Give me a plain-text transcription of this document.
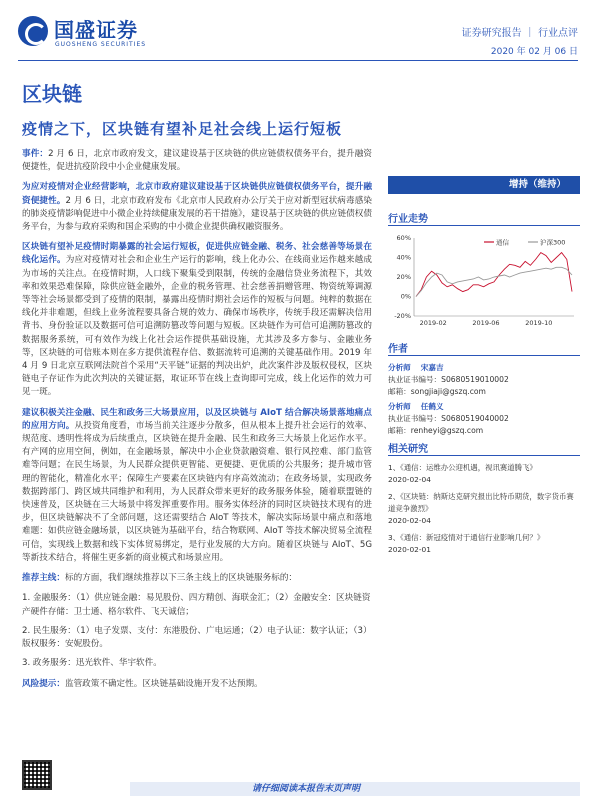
国盛证券
GUOSHENG SECURITIES
证券研究报告 ｜ 行业点评
2020 年 02 月 06 日
区块链
疫情之下，区块链有望补足社会线上运行短板

事件：2 月 6 日，北京市政府发文，建议建设基于区块链的供应链债权债务平台，提升融资便捷性，促进抗疫阶段中小企业健康发展。

为应对疫情对企业经营影响，北京市政府建议建设基于区块链供应链债权债务平台，提升融资便捷性。2 月 6 日，北京市政府发布《北京市人民政府办公厅关于应对新型冠状病毒感染的肺炎疫情影响促进中小微企业持续健康发展的若干措施》，建设基于区块链的供应链债权债务平台，为参与政府采购和国企采购的中小微企业提供确权融资服务。

区块链有望补足疫情时期暴露的社会运行短板，促进供应链金融、税务、社会慈善等场景在线化运作。为应对疫情对社会和企业生产运行的影响，线上化办公、在线商业运作越来越成为市场的关注点。在疫情时期，人口线下聚集受到限制，传统的金融信贷业务流程下，其效率和效果恐难保障，除供应链金融外，企业的税务管理、社会慈善捐赠管理、物资统筹调源等等社会场景都受到了疫情的限制，暴露出疫情时期社会运作的短板与问题。纯粹的数据在线化并非难题，但线上业务流程要具备合规的效力、确保市场秩序，传统手段还需解决信用背书、身份验证以及数据可信可追溯防篡改等问题与短板。区块链作为可信可追溯防篡改的数据服务系统，可有效作为线上化社会运作提供基础设施，尤其涉及多方参与、金融业务等，区块链的可信账本则在多方提供流程存信、数据流转可追溯的关键基础作用。2019 年 4 月 9 日北京互联网法院首个采用“天平链”证据的判决出炉，此次案件涉及版权侵权，区块链电子存证作为此次判决的关键证据，取证环节在线上查询即可完成，线上化运作的效力可见一斑。

建议积极关注金融、民生和政务三大场景应用，以及区块链与 AIoT 结合解决场景落地痛点的应用方向。从投资角度看，市场当前关注逐步分散多，但从根本上提升社会运行的效率、规范度、透明性将成为后续重点，区块链在提升金融、民生和政务三大场景上化运作水平。有产网的应用空间，例如，在金融场景，解决中小企业贷款融资难、银行风控难、部门监管难等问题；在民生场景，为人民群众提供更智能、更便捷、更优质的公共服务；提升城市管理的智能化，精准化水平；保障生产要素在区块链内有序高效流动；在政务场景，实现政务数据跨部门、跨区域共同维护和利用，为人民群众带来更好的政务服务体验，随着联盟链的快速普及，区块链在三大场景中将发挥重要作用。服务实体经济的同时区块链技术现有的进步，但区块链解决不了全部问题，这还需要结合 AIoT 等技术，解决实际场景中痛点和落地难题：如供应链金融场景，以区块链为基础平台，结合物联网、AIoT 等技术解决贸易全流程可信，实现线上数据和线下实体贸易绑定，是行业发展的大方向。随着区块链与 AIoT、5G 等新技术结合，将催生更多新的商业模式和场景应用。

推荐主线：标的方面，我们继续推荐以下三条主线上的区块链服务标的：

1. 金融服务：（1）供应链金融：易见股份、四方精创、海联金汇；（2）金融安全：区块链资产硬件存储：卫士通、格尔软件、飞天诚信；
2. 民生服务：（1）电子发票、支付：东港股份、广电运通；（2）电子认证：数字认证；（3）版权服务：安妮股份。
3. 政务服务：迅光软件、华宇软件。

风险提示：监管政策不确定性。区块链基础设施开发不达预期。

增持（维持）
行业走势
60%
40%
20%
0%
-20%
2019-02	2019-06	2019-10
通信	沪深300
作者
分析师 宋嘉吉
执业证书编号：S0680519010002
邮箱：songjiaji@gszq.com
分析师 任鹤义
执业证书编号：S0680519040002
邮箱：renheyi@gszq.com
相关研究
1、《通信：运维办公迎机遇，视讯赛道腾飞》
2020-02-04
2、《区块链：纳斯达克研究报出比特币期货，数字货币赛道竞争激烈》
2020-02-04
3、《通信：新冠疫情对于通信行业影响几何？》
2020-02-01
请仔细阅读本报告末页声明
